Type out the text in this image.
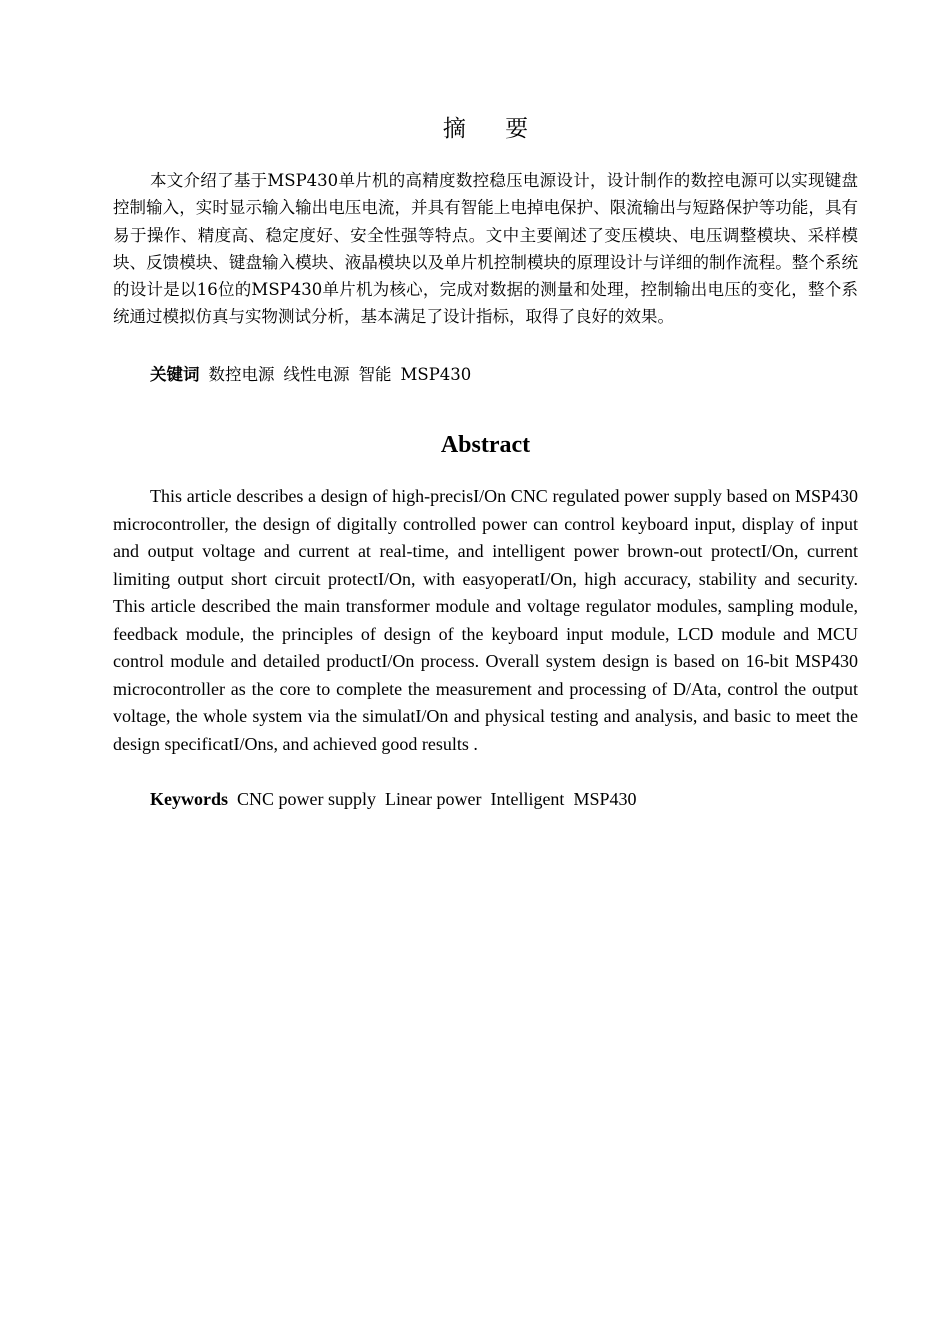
摘 要

本文介绍了基于MSP430单片机的高精度数控稳压电源设计，设计制作的数控电源可以实现键盘控制输入，实时显示输入输出电压电流，并具有智能上电掉电保护、限流输出与短路保护等功能，具有易于操作、精度高、稳定度好、安全性强等特点。文中主要阐述了变压模块、电压调整模块、采样模块、反馈模块、键盘输入模块、液晶模块以及单片机控制模块的原理设计与详细的制作流程。整个系统的设计是以16位的MSP430单片机为核心，完成对数据的测量和处理，控制输出电压的变化，整个系统通过模拟仿真与实物测试分析，基本满足了设计指标，取得了良好的效果。

关键词 数控电源 线性电源 智能 MSP430
Abstract

This article describes a design of high-precisI/On CNC regulated power supply based on MSP430 microcontroller, the design of digitally controlled power can control keyboard input, display of input and output voltage and current at real-time, and intelligent power brown-out protectI/On, current limiting output short circuit protectI/On, with easyoperatI/On, high accuracy, stability and security. This article described the main transformer module and voltage regulator modules, sampling module, feedback module, the principles of design of the keyboard input module, LCD module and MCU control module and detailed productI/On process. Overall system design is based on 16-bit MSP430 microcontroller as the core to complete the measurement and processing of D/Ata, control the output voltage, the whole system via the simulatI/On and physical testing and analysis, and basic to meet the design specificatI/Ons, and achieved good results .

Keywords CNC power supply Linear power Intelligent MSP430
